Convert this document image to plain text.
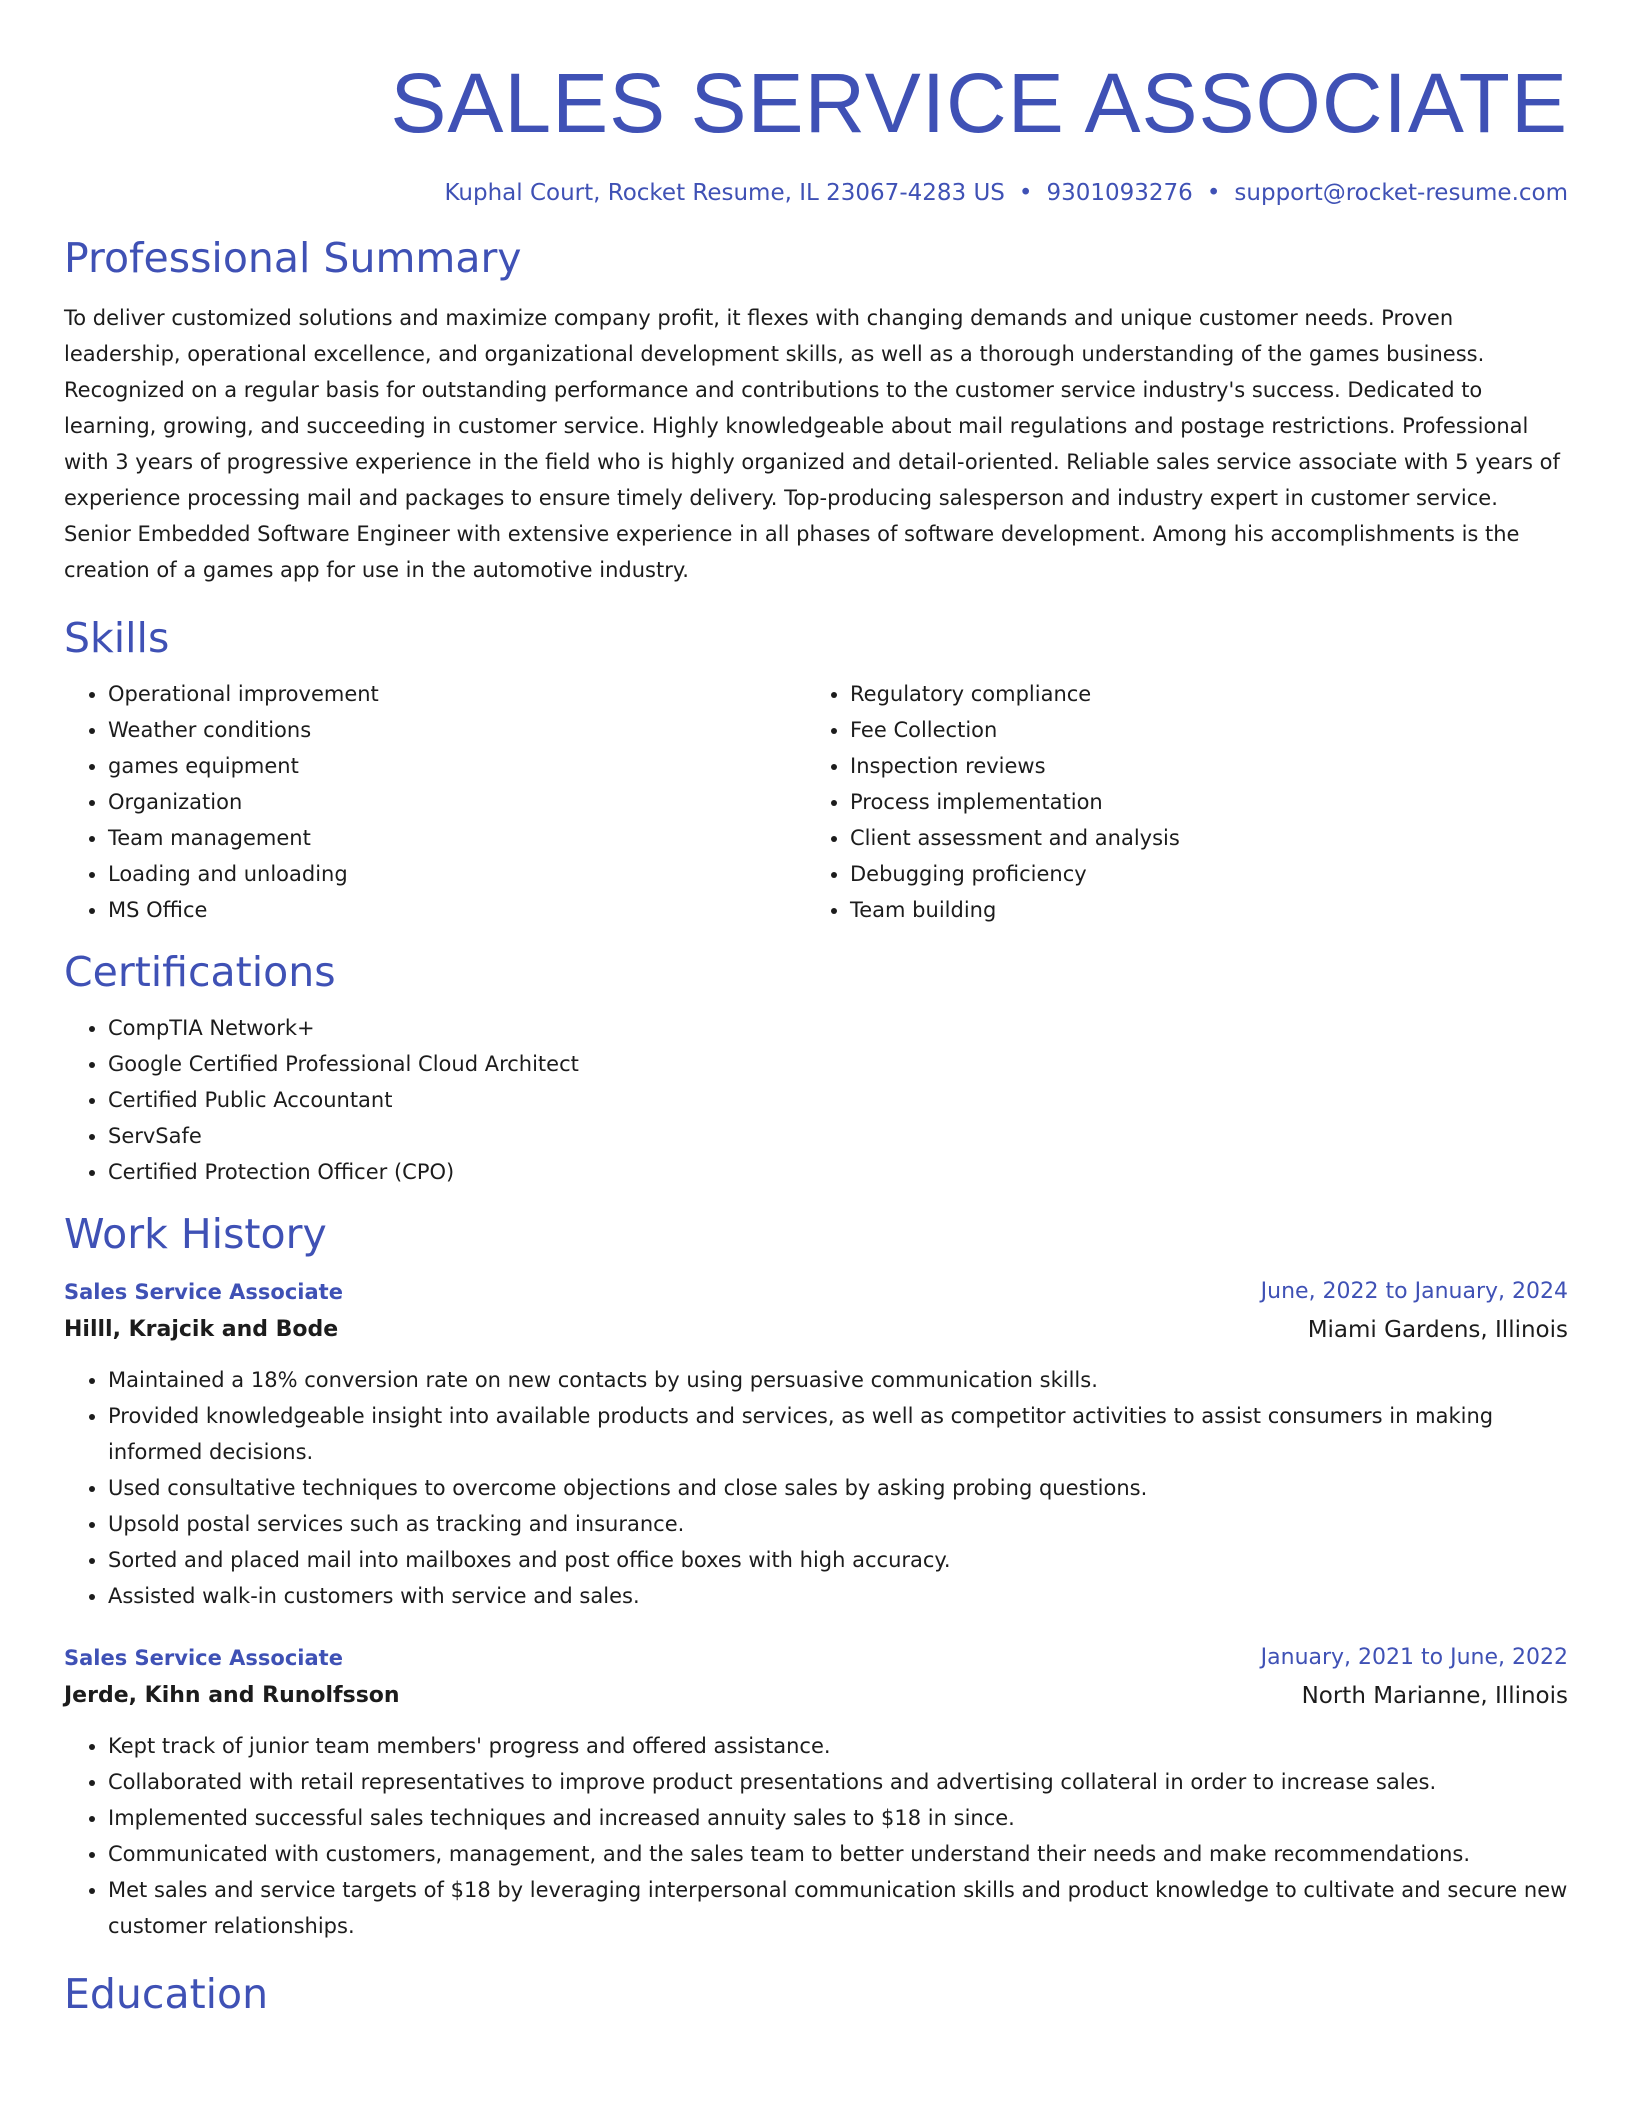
SALES SERVICE ASSOCIATE
Kuphal Court, Rocket Resume, IL 23067-4283 US • 9301093276 • support@rocket-resume.com
Professional Summary
To deliver customized solutions and maximize company profit, it flexes with changing demands and unique customer needs. Proven leadership, operational excellence, and organizational development skills, as well as a thorough understanding of the games business. Recognized on a regular basis for outstanding performance and contributions to the customer service industry's success. Dedicated to learning, growing, and succeeding in customer service. Highly knowledgeable about mail regulations and postage restrictions. Professional with 3 years of progressive experience in the field who is highly organized and detail-oriented. Reliable sales service associate with 5 years of experience processing mail and packages to ensure timely delivery. Top-producing salesperson and industry expert in customer service. Senior Embedded Software Engineer with extensive experience in all phases of software development. Among his accomplishments is the creation of a games app for use in the automotive industry.
Skills
• Operational improvement
• Weather conditions
• games equipment
• Organization
• Team management
• Loading and unloading
• MS Office
• Regulatory compliance
• Fee Collection
• Inspection reviews
• Process implementation
• Client assessment and analysis
• Debugging proficiency
• Team building
Certifications
• CompTIA Network+
• Google Certified Professional Cloud Architect
• Certified Public Accountant
• ServSafe
• Certified Protection Officer (CPO)
Work History
Sales Service Associate	June, 2022 to January, 2024
Hilll, Krajcik and Bode	Miami Gardens, Illinois
• Maintained a 18% conversion rate on new contacts by using persuasive communication skills.
• Provided knowledgeable insight into available products and services, as well as competitor activities to assist consumers in making informed decisions.
• Used consultative techniques to overcome objections and close sales by asking probing questions.
• Upsold postal services such as tracking and insurance.
• Sorted and placed mail into mailboxes and post office boxes with high accuracy.
• Assisted walk-in customers with service and sales.
Sales Service Associate	January, 2021 to June, 2022
Jerde, Kihn and Runolfsson	North Marianne, Illinois
• Kept track of junior team members' progress and offered assistance.
• Collaborated with retail representatives to improve product presentations and advertising collateral in order to increase sales.
• Implemented successful sales techniques and increased annuity sales to $18 in since.
• Communicated with customers, management, and the sales team to better understand their needs and make recommendations.
• Met sales and service targets of $18 by leveraging interpersonal communication skills and product knowledge to cultivate and secure new customer relationships.
Education
